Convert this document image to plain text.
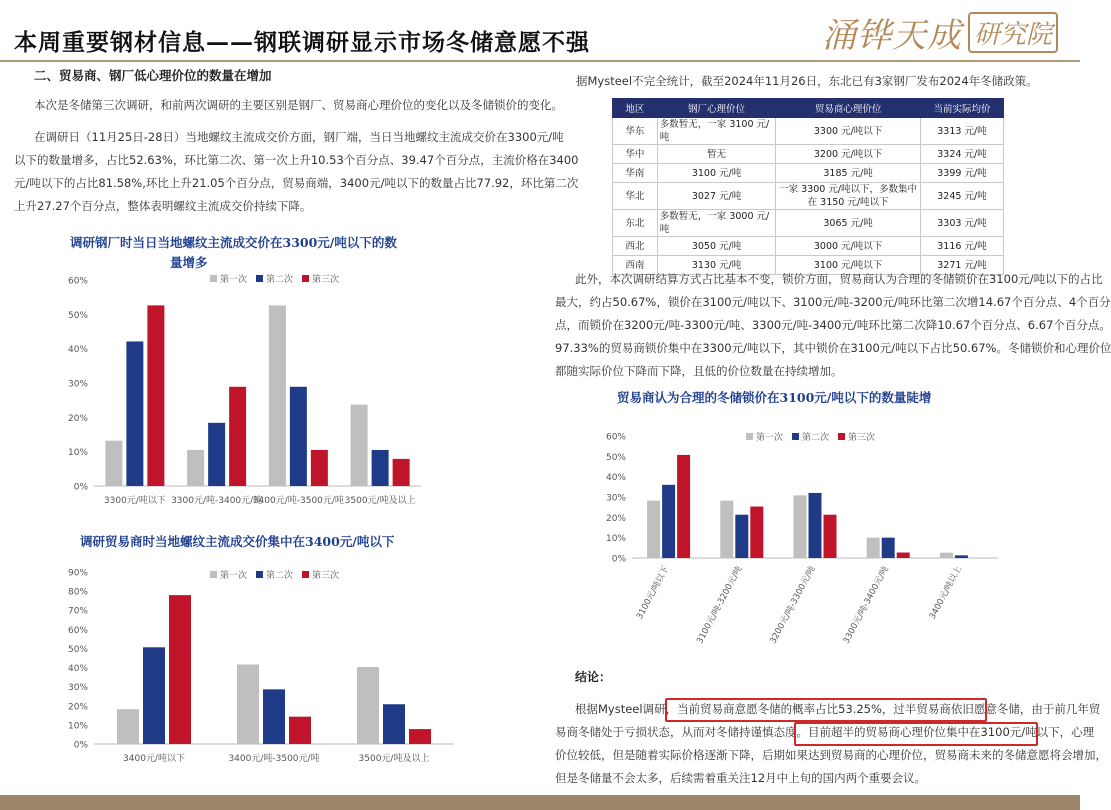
本周重要钢材信息——钢联调研显示市场冬储意愿不强	涌铧天成 研究院
二、贸易商、钢厂低心理价位的数量在增加
本次是冬储第三次调研，和前两次调研的主要区别是钢厂、贸易商心理价位的变化以及冬储锁价的变化。
在调研日（11月25日-28日）当地螺纹主流成交价方面，钢厂端，当日当地螺纹主流成交价在3300元/吨
以下的数量增多，占比52.63%，环比第二次、第一次上升10.53个百分点、39.47个百分点，主流价格在3400
元/吨以下的占比81.58%,环比上升21.05个百分点，贸易商端，3400元/吨以下的数量占比77.92，环比第二次
上升27.27个百分点，整体表明螺纹主流成交价持续下降。
调研钢厂时当日当地螺纹主流成交价在3300元/吨以下的数
量增多
0%
10%
20%
30%
40%
50%
60%	第一次 第二次 第三次
3300元/吨以下 3300元/吨-3400元/吨
3400元/吨-3500元/吨 3500元/吨及以上
调研贸易商时当地螺纹主流成交价集中在3400元/吨以下
0%
10%
20%
30%
40%
50%
60%
70%
80%
90%	第一次 第二次 第三次
3400元/吨以下	3400元/吨-3500元/吨	3500元/吨及以上
据Mysteel不完全统计，截至2024年11月26日，东北已有3家钢厂发布2024年冬储政策。
地区	钢厂心理价位	贸易商心理价位	当前实际均价
华东	多数暂无，一家 3100 元/吨	3300 元/吨以下	3313 元/吨
华中	暂无	3200 元/吨以下	3324 元/吨
华南	3100 元/吨	3185 元/吨	3399 元/吨
华北	3027 元/吨	一家 3300 元/吨以下，多数集中在 3150 元/吨以下	3245 元/吨
东北	多数暂无，一家 3000 元/吨	3065 元/吨	3303 元/吨
西北	3050 元/吨	3000 元/吨以下	3116 元/吨
西南	3130 元/吨	3100 元/吨以下	3271 元/吨
此外，本次调研结算方式占比基本不变，锁价方面，贸易商认为合理的冬储锁价在3100元/吨以下的占比
最大，约占50.67%，锁价在3100元/吨以下、3100元/吨-3200元/吨环比第二次增14.67个百分点、4个百分
点，而锁价在3200元/吨-3300元/吨、3300元/吨-3400元/吨环比第二次降10.67个百分点、6.67个百分点。
97.33%的贸易商锁价集中在3300元/吨以下，其中锁价在3100元/吨以下占比50.67%。冬储锁价和心理价位
都随实际价位下降而下降，且低的价位数量在持续增加。
贸易商认为合理的冬储锁价在3100元/吨以下的数量陡增
0%
10%
20%
30%
40%
50%
60%	第一次 第二次 第三次
3100元/吨以下	3100元/吨-3200元/吨	3200元/吨-3300元/吨	3300元/吨-3400元/吨	3400元/吨以上
结论：
根据Mysteel调研，当前贸易商意愿冬储的概率占比53.25%，过半贸易商依旧愿意冬储，由于前几年贸
易商冬储处于亏损状态，从而对冬储持谨慎态度。目前超半的贸易商心理价位集中在3100元/吨以下，心理
价位较低，但是随着实际价格逐渐下降，后期如果达到贸易商的心理价位，贸易商未来的冬储意愿将会增加，
但是冬储量不会太多，后续需着重关注12月中上旬的国内两个重要会议。
